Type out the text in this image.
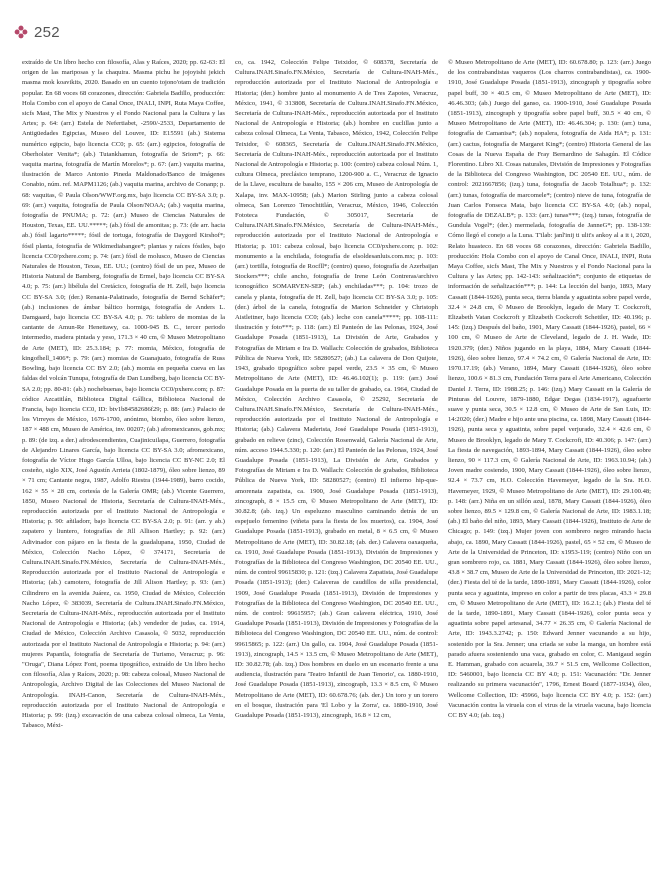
252

extraído de Un libro hecho con filosofía, Alas y Raíces, 2020; pp. 62-63: El origen de las mariposas y la chaquira. Masma pichu he jojoyishi jekich masma mok koavikits, 2020. Basado en un cuento tojono'otam de tradición popular. En 68 voces 68 corazones, dirección: Gabriela Badillo, producción: Hola Combo con el apoyo de Canal Once, INALI, INPI, Ruta Maya Coffee, sicfs Mast, The Mix y Nuestros y el Fondo Nacional para la Cultura y las Artes; p. 64: (arr.) Estela de Nefertiabet, -2590/-2533, Departamento de Antigüedades Egipcias, Museo del Louvre, ID: E15591 (ab.) Sistema numérico egipcio, bajo licencia CC0; p. 65: (arr.) egipcios, fotografía de Oberholster Venita*; (ab.) Tutankhamun, fotografía de Sriom*; p. 66: vaquita marina, fotografía de Martín Morelos*; p. 67: (arr.) vaquita marina, ilustración de Marco Antonio Pineda Maldonado/Banco de imágenes Conabio, núm. ref. MAPM1126; (ab.) vaquita marina, archivo de Conanp; p. 68: vaquitas, © Paula Olson/WWF.org.mx, bajo licencia CC BY-SA 3.0; p. 69: (arr.) vaquita, fotografía de Paula Olson/NOAA; (ab.) vaquita marina, fotografía de PNUMA; p. 72: (arr.) Museo de Ciencias Naturales de Houston, Texas, EE. UU.*****; (ab.) fósil de amonitas; p. 73: (de arr. hacia ab.) fósil lagarto*****; fósil de tortuga, fotografía de Daygord Kirshof*; fósil planta, fotografía de Wikimediabangee*; plantas y raíces fósiles, bajo licencia CC0/pxhere.com; p. 74: (arr.) fósil de molusco, Museo de Ciencias Naturales de Houston, Texas, EE. UU.; (centro) fósil de un pez, Museo de Historia Natural de Bamberg, fotografía de Ermel, bajo licencia CC BY-SA 4.0; p. 75: (arr.) libélula del Cretácico, fotografía de H. Zell, bajo licencia CC BY-SA 3.0; (der.) Renania-Palatinado, fotografía de Bernd Schäfer*; (ab.) inclusiones de ámbar báltico hormiga, fotografía de Anders L. Damgaard, bajo licencia CC BY-SA 4.0; p. 76: tablero de momias de la cantante de Amun-Re Henettawy, ca. 1000-945 B. C., tercer periodo intermedio, madera pintada y yeso, 171.3 × 40 cm, © Museo Metropolitano de Arte (MET), ID: 25.3.184; p. 77: momia, México, fotografía de kingofhell_1406*; p. 79: (arr.) momias de Guanajuato, fotografía de Russ Bowling, bajo licencia CC BY 2.0; (ab.) momia en pequeña cueva en las faldas del volcán Tunupa, fotografía de Dan Lundberg, bajo licencia CC BY-SA 2.0; pp. 80-81: (ab.) nochebuenas, bajo licencia CC0/pxhere.com; p. 87: códice Azcatitlán, Biblioteca Digital Gállica, Biblioteca Nacional de Francia, bajo licencia CC0, ID: btv1b84582686f29; p. 88: (arr.) Palacio de los Virreyes de México, 1676-1700, anónimo, biombo, óleo sobre lienzo, 187 × 488 cm, Museo de América, inv. 00207; (ab.) afromexicanos, gob.mx; p. 89: (de izq. a der.) afrodescendientes, Cuajinicuilapa, Guerrero, fotografía de Alejandro Linares García, bajo licencia CC BY-SA 3.0; afromexicano, fotografía de Víctor Hugo García Ulloa, bajo licencia CC BY-NC 2.0; El costeño, siglo XIX, José Agustín Arrieta (1802-1879), óleo sobre lienzo, 89 × 71 cm; Cantante negra, 1987, Adolfo Riestra (1944-1989), barro cocido, 162 × 55 × 28 cm, cortesía de la Galería OMR; (ab.) Vicente Guerrero, 1850, Museo Nacional de Historia, Secretaría de Cultura-INAH-Méx., reproducción autorizada por el Instituto Nacional de Antropología e Historia; p. 90: añiladorr, bajo licencia CC BY-SA 2.0; p. 91: (arr. y ab.) zapatero y liuntero, fotografías de Jill Allison Hartley; p. 92: (arr.) Adivinador con pájaro en la fiesta de la guadalupana, 1950, Ciudad de México, Colección Nacho López, © 374171, Secretaría de Cultura.INAH.Sinafo.FN.México, Secretaría de Cultura-INAH-Méx., Reproducción autorizada por el Instituto Nacional de Antropología e Historia; (ab.) camotero, fotografía de Jill Alison Hartley; p. 93: (arr.) Cilindrero en la avenida Juárez, ca. 1950, Ciudad de México, Colección Nacho López, © 383039, Secretaría de Cultura.INAH.Sinafo.FN.México, Secretaría de Cultura-INAH-Méx., reproducción autorizada por el Instituto Nacional de Antropología e Historia; (ab.) vendedor de judas, ca. 1914, Ciudad de México, Colección Archivo Casasola, © 5032, reproducción autorizada por el Instituto Nacional de Antropología e Historia; p. 94: (arr.) mujeres Papantla, fotografía de Secretaría de Turismo, Veracruz; p. 96: "Oruga", Diana López Font, poema tipográfico, extraído de Un libro hecho con filosofía, Alas y Raíces, 2020; p. 98: cabeza colosal, Museo Nacional de Antropología, Archivo Digital de las Colecciones del Museo Nacional de Antropología. INAH-Canon, Secretaría de Cultura-INAH-Méx., reproducción autorizada por el Instituto Nacional de Antropología e Historia; p. 99: (izq.) excavación de una cabeza colosal olmeca, La Venta, Tabasco, Méxi-

co, ca. 1942, Colección Felipe Teixidor, © 608378, Secretaría de Cultura.INAH.Sinafo.FN.México, Secretaría de Cultura-INAH-Méx., reproducción autorizada por el Instituto Nacional de Antropología e Historia; (der.) hombre junto al monumento A de Tres Zapotes, Veracruz, México, 1941, © 313808, Secretaría de Cultura.INAH.Sinafo.FN.México, Secretaría de Cultura-INAH-Méx., reproducción autorizada por el Instituto Nacional de Antropología e Historia; (ab.) hombre en cuclillas junto a cabeza colosal Olmeca, La Venta, Tabasco, México, 1942, Colección Felipe Teixidor, © 608365, Secretaría de Cultura.INAH.Sinafo.FN.México, Secretaría de Cultura-INAH-Méx., reproducción autorizada por el Instituto Nacional de Antropología e Historia; p. 100: (centro) cabeza colosal Núm. 1, cultura Olmeca, preclásico temprano, 1200-900 a. C., Veracruz de Ignacio de la Llave, escultura de basalto, 155 × 206 cm, Museo de Antropología de Xalapa, inv. MAX-10958; (ab.) Marion Stirling junto a cabeza colosal olmeca, San Lorenzo Tenochtitlán, Veracruz, México, 1946, Colección Fototeca Fundación, © 305017, Secretaría de Cultura.INAH.Sinafo.FN.México, Secretaría de Cultura-INAH-Méx., reproducción autorizada por el Instituto Nacional de Antropología e Historia; p. 101: cabeza colosal, bajo licencia CC0/pxhere.com; p. 102: monumento a la enchilada, fotografía de elsoldesanluis.com.mx; p. 103: (arr.) tortilla, fotografía de Rocfll*; (centro) queso, fotografía de Azerbaijan Stockers***; chile ancho, fotografía de Irene León Contreras/archivo iconográfico SOMARVEN-SEP; (ab.) enchiladas***; p. 104: trozo de canela y planta, fotografía de H. Zell, bajo licencia CC BY-SA 3.0; p. 105: (der.) árbol de la canela, fotografía de Marion Schneider y Christoph Aistleitner, bajo licencia CC0; (ab.) leche con canela*****; pp. 108-111: ilustración y foto***; p. 118: (arr.) El Panteón de las Pelonas, 1924, José Guadalupe Posada (1851-1913), La División de Arte, Grabados y Fotografías de Miriam e Ira D. Wallach: Colección de grabados, Biblioteca Pública de Nueva York, ID: 58280527; (ab.) La calavera de Don Quijote, 1943, grabado tipográfico sobre papel verde, 23.5 × 35 cm, © Museo Metropolitano de Arte (MET), ID: 46.46.102(1); p. 119: (arr.) José Guadalupe Posada en la puerta de su taller de grabado, ca. 1964, Ciudad de México, Colección Archivo Casasola, © 25292, Secretaría de Cultura.INAH.Sinafo.FN.México, Secretaría de Cultura-INAH-Méx., reproducción autorizada por el Instituto Nacional de Antropología e Historia; (ab.) Calavera Maderista, José Guadalupe Posada (1851-1913), grabado en relieve (zinc), Colección Rosenwald, Galería Nacional de Arte, núm. acceso 1944.5.330; p. 120: (arr.) El Panteón de las Pelonas, 1924, José Guadalupe Posada (1851-1913), La División de Arte, Grabados y Fotografías de Miriam e Ira D. Wallach: Colección de grabados, Biblioteca Pública de Nueva York, ID: 58280527; (centro) El infierno hip-que-amorenata zapatista, ca. 1900, José Guadalupe Posada (1851-1913), zincograph, 8 × 15.5 cm, © Museo Metropolitano de Arte (MET), ID: 30.82.8; (ab. izq.) Un espeluzno masculino caminando detrás de un espejuelo femenino (viñeta para la fiesta de los muertos), ca. 1904, José Guadalupe Posada (1851-1913), grabado en metal, 8 × 6.5 cm, © Museo Metropolitano de Arte (MET), ID: 30.82.18; (ab. der.) Calavera oaxaqueña, ca. 1910, José Guadalupe Posada (1851-1913), División de Impresiones y Fotografías de la Biblioteca del Congreso Washington, DC 20540 EE. UU., núm. de control 99615830; p. 121: (izq.) Calavera Zapatista, José Guadalupe Posada (1851-1913); (der.) Calaveras de caudillos de silla presidencial, 1909, José Guadalupe Posada (1851-1913), División de Impresiones y Fotografías de la Biblioteca del Congreso Washington, DC 20540 EE. UU., núm. de control: 99615957; (ab.) Gran calavera eléctrica, 1910, José Guadalupe Posada (1851-1913), División de Impresiones y Fotografías de la Biblioteca del Congreso Washington, DC 20540 EE. UU., núm. de control: 99615865; p. 122: (arr.) Un gallo, ca. 1904, José Guadalupe Posada (1851-1913), zincograph, 14.5 × 13.5 cm, © Museo Metropolitano de Arte (MET), ID: 30.82.78; (ab. izq.) Dos hombres en duelo en un escenario frente a una audiencia, ilustración para 'Teatro Infantil de Juan Tenorio', ca. 1880-1910, José Guadalupe Posada (1851-1913), zincograph, 13.3 × 8.5 cm, © Museo Metropolitano de Arte (MET), ID: 60.678.76; (ab. der.) Un toro y un torero en el bosque, ilustración para 'El Lobo y la Zorra', ca. 1880-1910, José Guadalupe Posada (1851-1913), zincograph, 16.8 × 12 cm,

© Museo Metropolitano de Arte (MET), ID: 60.678.80; p. 123: (arr.) Juego de los contrabandistas vaqueros (Los charros contrabandistas), ca. 1900-1910, José Guadalupe Posada (1851-1913), zincograph y tipografía sobre papel buff, 30 × 40.5 cm, © Museo Metropolitano de Arte (MET), ID: 46.46.303; (ab.) Juego del ganso, ca. 1900-1910, José Guadalupe Posada (1851-1913), zincograph y tipografía sobre papel buff, 30.5 × 40 cm, © Museo Metropolitano de Arte (MET), ID: 46.46.304; p. 130: (arr.) tuna, fotografía de Camanisa*; (ab.) nopalera, fotografía de Aida HA*; p. 131: (arr.) cactus, fotografía de Margaret King*; (centro) Historia General de las Cosas de la Nueva España de Fray Bernardino de Sahagún. El Códice Florentino. Libro XI. Cosas naturales, División de Impresiones y Fotografías de la Biblioteca del Congreso Washington, DC 20540 EE. UU., núm. de control: 2021667856; (izq.) tuna, fotografía de Jacob Totalhua*; p. 132: (arr.) tunas, fotografía de marcomele*; (centro) nieve de tuna, fotografía de Juan Carlos Fonseca Mata, bajo licencia CC BY-SA 4.0; (ab.) nopal, fotografía de DEZALB*; p. 133: (arr.) tunas***; (izq.) tunas, fotografía de Gundula Vogel*; (der.) mermelada, fotografía de JanneG*; pp. 138-139: Cómo llegó el conejo a la Luna. T'ilab: janl'inij ti ulit's ankoy al a it i, 2020, Relato huasteco. En 68 voces 68 corazones, dirección: Gabriela Badillo, producción: Hola Combo con el apoyo de Canal Once, INALI, INPI, Ruta Maya Coffee, sicfs Mast, The Mix y Nuestros y el Fondo Nacional para la Cultura y las Artes; pp. 142-143: señalización*; conjunto de etiquetas de información de señalización***; p. 144: La lección del banjo, 1893, Mary Cassatt (1844-1926), punta seca, tierra blanda y aguatinta sobre papel verde, 32.4 × 24.8 cm, © Museo de Brooklyn, legado de Mary T. Cockcroft, Elizabeth Vatan Cockcroft y Elizabeth Cockcroft Schettler, ID: 40.196; p. 145: (izq.) Después del baño, 1901, Mary Cassatt (1844-1926), pastel, 66 × 100 cm, © Museo de Arte de Cleveland, legado de J. H. Wade, ID: 1920.379; (der.) Niños jugando en la playa, 1884, Mary Cassatt (1844-1926), óleo sobre lienzo, 97.4 × 74.2 cm, © Galería Nacional de Arte, ID: 1970.17.19; (ab.) Verano, 1894, Mary Cassatt (1844-1926), óleo sobre lienzo, 100.6 × 81.3 cm, Fundación Terra para el Arte Americano, Colección Daniel J. Terra, ID: 1988.25; p. 146: (izq.) Mary Cassatt en la Galería de Pinturas del Louvre, 1879-1880, Edgar Degas (1834-1917), aguafuerte suave y punta seca, 30.5 × 12.8 cm, © Museo de Arte de San Luis, ID: 14:2020; (der.) Madre e hijo ante una piscina, ca. 1898, Mary Cassatt (1844-1926), punta seca y aguatinta, sobre papel verjurado, 32.4 × 42.6 cm, © Museo de Brooklyn, legado de Mary T. Cockcroft, ID: 40.306; p. 147: (arr.) La fiesta de navegación, 1893-1894, Mary Cassatt (1844-1926), óleo sobre lienzo, 90 × 117.3 cm, © Galería Nacional de Arte, ID: 1963.10.94; (ab.) Joven madre cosiendo, 1900, Mary Cassatt (1844-1926), óleo sobre lienzo, 92.4 × 73.7 cm, H.O. Colección Havemeyer, legado de la Sra. H.O. Havemeyer, 1929, © Museo Metropolitano de Arte (MET), ID: 29.100.48; p. 148: (arr.) Niña en un sillón azul, 1878, Mary Cassatt (1844-1926), óleo sobre lienzo, 89.5 × 129.8 cm, © Galería Nacional de Arte, ID: 1983.1.18; (ab.) El baño del niño, 1893, Mary Cassatt (1844-1926), Instituto de Arte de Chicago; p. 149: (izq.) Mujer joven con sombrero negro mirando hacia abajo, ca. 1890, Mary Cassatt (1844-1926), pastel, 65 × 52 cm, © Museo de Arte de la Universidad de Princeton, ID: x1953-119; (centro) Niño con un gran sombrero rojo, ca. 1881, Mary Cassatt (1844-1926), óleo sobre lienzo, 43.8 × 38.7 cm, Museo de Arte de la Universidad de Princeton, ID: 2021-12; (der.) Fiesta del té de la tarde, 1890-1891, Mary Cassatt (1844-1926), color punta seca y aguatinta, impreso en color a partir de tres placas, 43.3 × 29.8 cm, © Museo Metropolitano de Arte (MET), ID: 16.2.1; (ab.) Fiesta del té de la tarde, 1890-1891, Mary Cassatt (1844-1926), color punta seca y aguatinta sobre papel artesanal, 34.77 × 26.35 cm, © Galería Nacional de Arte, ID: 1943.3.2742; p. 150: Edward Jenner vacunando a su hijo, sostenido por la Sra. Jenner; una criada se sube la manga, un hombre está parado afuera sosteniendo una vaca, grabado en color, C. Manigaud según E. Hamman, grabado con acuarela, 39.7 × 51.5 cm, Wellcome Collection, ID: 5460001, bajo licencia CC BY 4.0; p. 151: Vacunación: "Dr. Jenner realizando su primera vacunación", 1796, Ernest Board (1877-1934), óleo, Wellcome Collection, ID: 45966, bajo licencia CC BY 4.0; p. 152: (arr.) Vacunación contra la viruela con el virus de la viruela vacuna, bajo licencia CC BY 4.0; (ab. izq.)
